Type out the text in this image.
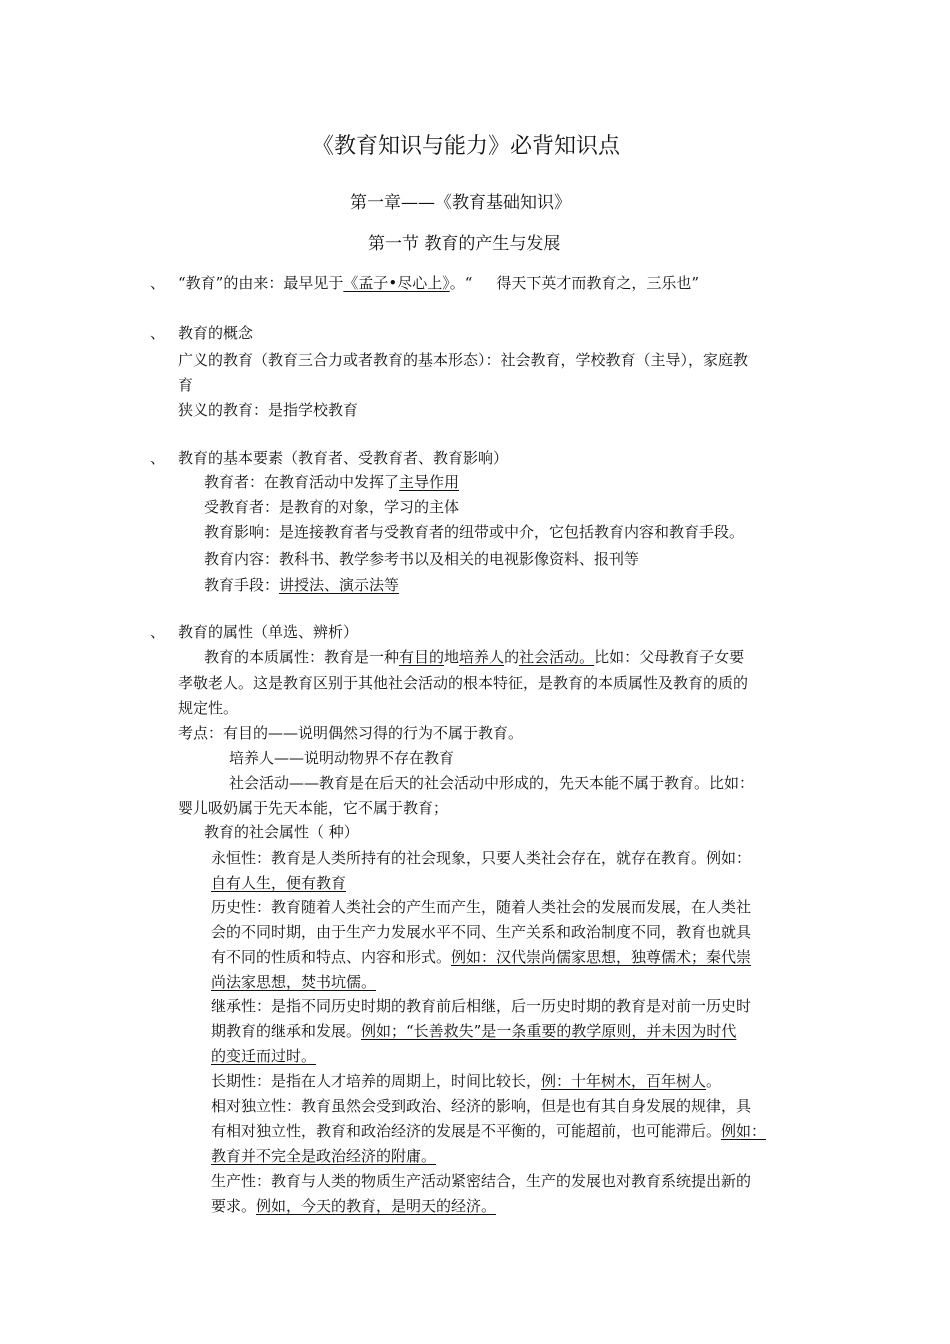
《教育知识与能力》必背知识点
第一章——《教育基础知识》
第一节 教育的产生与发展
、 “教育”的由来：最早见于《孟子•尽心上》。“ 得天下英才而教育之，三乐也”
、 教育的概念
广义的教育（教育三合力或者教育的基本形态）：社会教育，学校教育（主导），家庭教
育
狭义的教育：是指学校教育
、 教育的基本要素（教育者、受教育者、教育影响）
教育者：在教育活动中发挥了主导作用
受教育者：是教育的对象，学习的主体
教育影响：是连接教育者与受教育者的纽带或中介，它包括教育内容和教育手段。
教育内容：教科书、教学参考书以及相关的电视影像资料、报刊等
教育手段：讲授法、演示法等
、 教育的属性（单选、辨析）
教育的本质属性：教育是一种有目的地培养人的社会活动。比如：父母教育子女要
孝敬老人。这是教育区别于其他社会活动的根本特征，是教育的本质属性及教育的质的
规定性。
考点：有目的——说明偶然习得的行为不属于教育。
培养人——说明动物界不存在教育
社会活动——教育是在后天的社会活动中形成的，先天本能不属于教育。比如：
婴儿吸奶属于先天本能，它不属于教育；
教育的社会属性（ 种）
永恒性：教育是人类所持有的社会现象，只要人类社会存在，就存在教育。例如：
自有人生，便有教育
历史性：教育随着人类社会的产生而产生，随着人类社会的发展而发展，在人类社
会的不同时期，由于生产力发展水平不同、生产关系和政治制度不同，教育也就具
有不同的性质和特点、内容和形式。例如：汉代崇尚儒家思想，独尊儒术；秦代崇
尚法家思想，焚书坑儒。
继承性：是指不同历史时期的教育前后相继，后一历史时期的教育是对前一历史时
期教育的继承和发展。例如；“长善救失”是一条重要的教学原则，并未因为时代
的变迁而过时。
长期性：是指在人才培养的周期上，时间比较长，例：十年树木，百年树人。
相对独立性：教育虽然会受到政治、经济的影响，但是也有其自身发展的规律，具
有相对独立性，教育和政治经济的发展是不平衡的，可能超前，也可能滞后。例如：
教育并不完全是政治经济的附庸。
生产性：教育与人类的物质生产活动紧密结合，生产的发展也对教育系统提出新的
要求。例如，今天的教育，是明天的经济。
